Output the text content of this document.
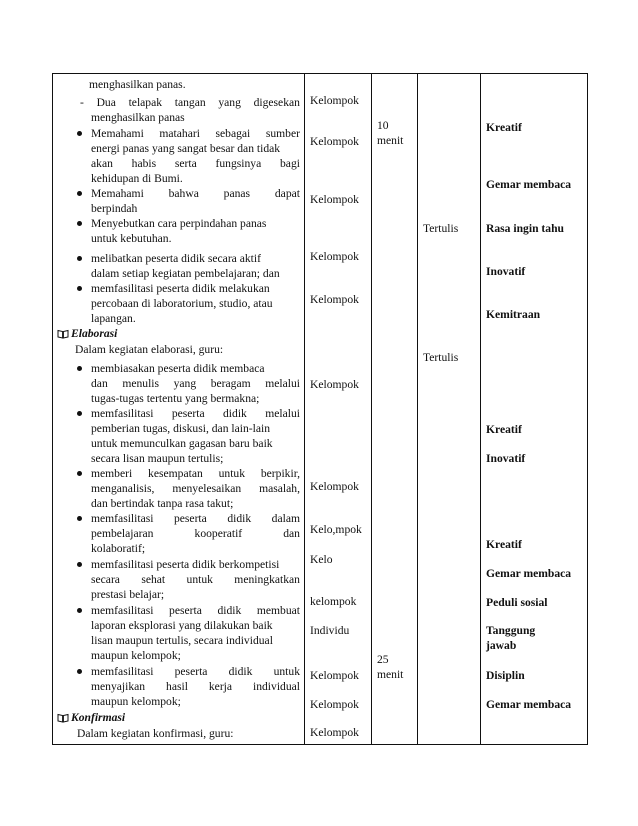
menghasilkan panas.
- Dua telapak tangan yang digesekan
menghasilkan panas
Memahami matahari sebagai sumber
energi panas yang sangat besar dan tidak
akan habis serta fungsinya bagi
kehidupan di Bumi.
Memahami bahwa panas dapat
berpindah
Menyebutkan cara perpindahan panas
untuk kebutuhan.
melibatkan peserta didik secara aktif
dalam setiap kegiatan pembelajaran; dan
memfasilitasi peserta didik melakukan
percobaan di laboratorium, studio, atau
lapangan.
Elaborasi
Dalam kegiatan elaborasi, guru:
membiasakan peserta didik membaca
dan menulis yang beragam melalui
tugas-tugas tertentu yang bermakna;
memfasilitasi peserta didik melalui
pemberian tugas, diskusi, dan lain-lain
untuk memunculkan gagasan baru baik
secara lisan maupun tertulis;
memberi kesempatan untuk berpikir,
menganalisis, menyelesaikan masalah,
dan bertindak tanpa rasa takut;
memfasilitasi peserta didik dalam
pembelajaran	kooperatif	dan
kolaboratif;
memfasilitasi peserta didik berkompetisi
secara sehat untuk meningkatkan
prestasi belajar;
memfasilitasi peserta didik membuat
laporan eksplorasi yang dilakukan baik
lisan maupun tertulis, secara individual
maupun kelompok;
memfasilitasi peserta didik untuk
menyajikan hasil kerja individual
maupun kelompok;
Konfirmasi
Dalam kegiatan konfirmasi, guru:
Kelompok
Kelompok
Kelompok
Kelompok
Kelompok
Kelompok
Kelompok
Kelo,mpok
Kelo
kelompok
Individu
Kelompok
Kelompok
Kelompok
10
menit
25
menit
Tertulis
Tertulis
Kreatif
Gemar membaca
Rasa ingin tahu
Inovatif
Kemitraan
Kreatif
Inovatif
Kreatif
Gemar membaca
Peduli sosial
Tanggung
jawab
Disiplin
Gemar membaca
